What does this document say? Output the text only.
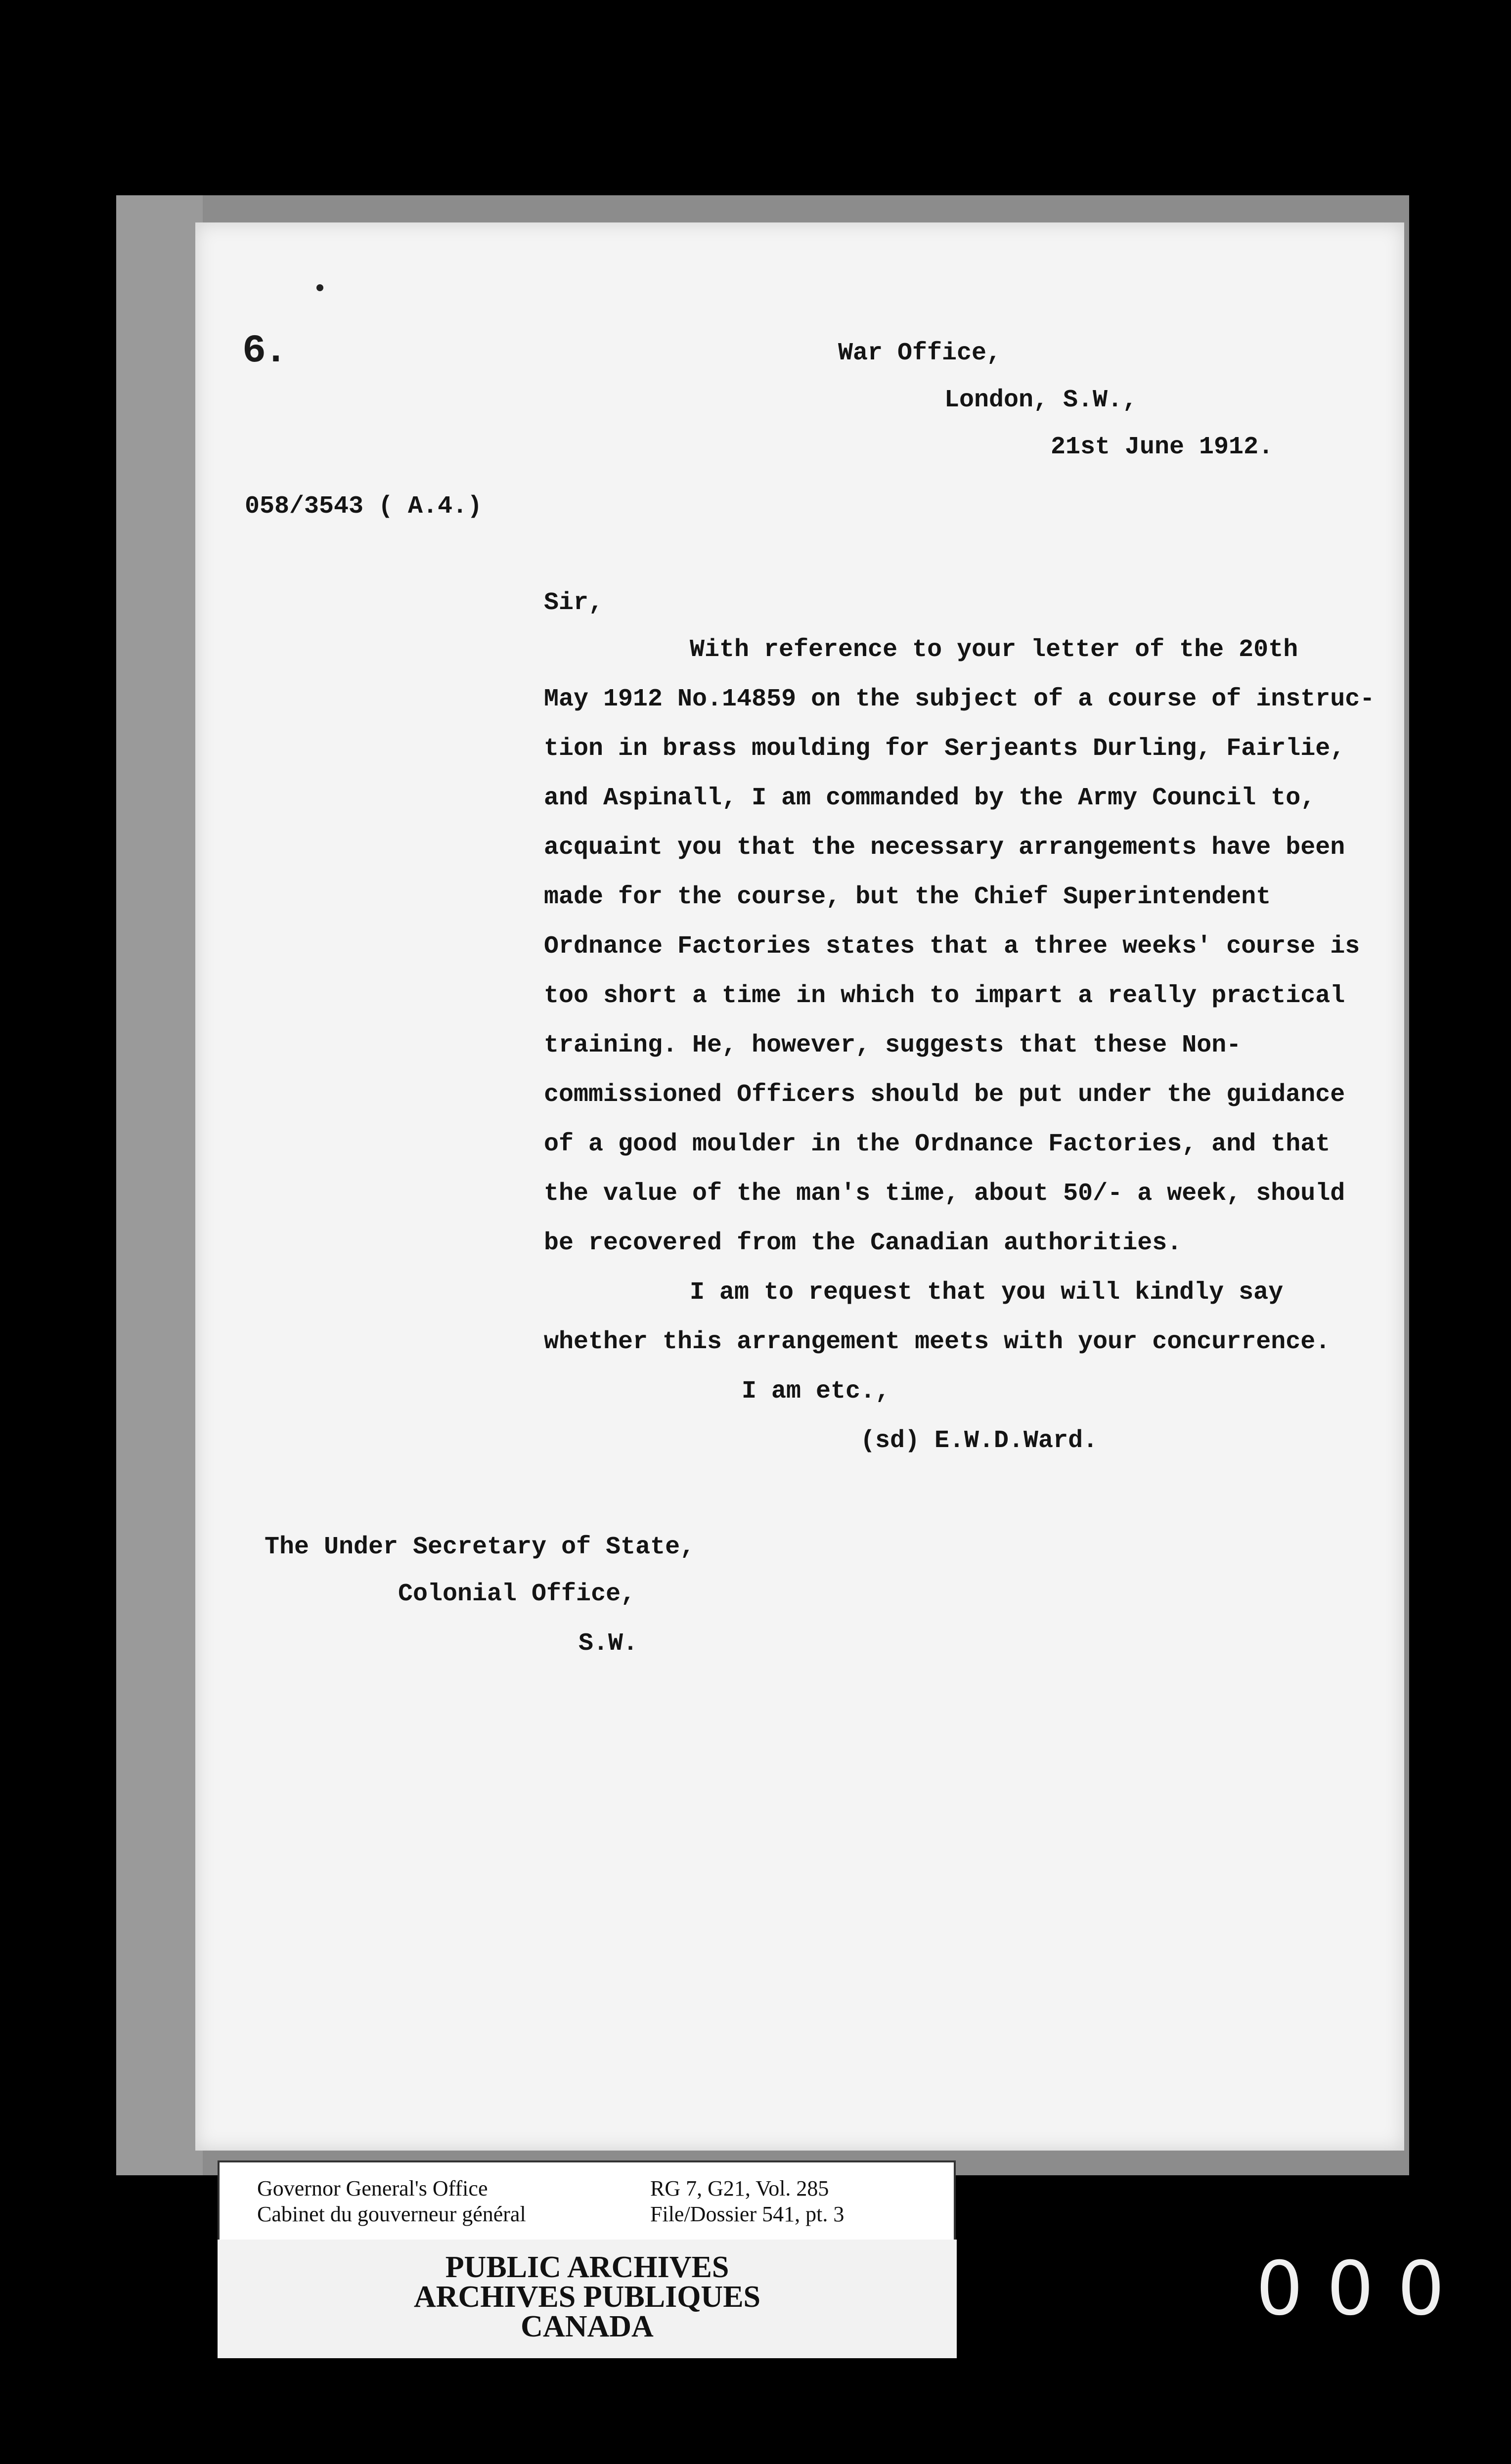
6.	War Office,
London, S.W.,
21st June 1912.
058/3543 ( A.4.)
Sir,
With reference to your letter of the 20th
May 1912 No.14859 on the subject of a course of instruc-
tion in brass moulding for Serjeants Durling, Fairlie,
and Aspinall, I am commanded by the Army Council to,
acquaint you that the necessary arrangements have been
made for the course, but the Chief Superintendent
Ordnance Factories states that a three weeks' course is
too short a time in which to impart a really practical
training. He, however, suggests that these Non-
commissioned Officers should be put under the guidance
of a good moulder in the Ordnance Factories, and that
the value of the man's time, about 50/- a week, should
be recovered from the Canadian authorities.
I am to request that you will kindly say
whether this arrangement meets with your concurrence.
I am etc.,
(sd) E.W.D.Ward.
The Under Secretary of State,
Colonial Office,
S.W.
Governor General's Office
Cabinet du gouverneur général
RG 7, G21, Vol. 285
File/Dossier 541, pt. 3
PUBLIC ARCHIVES
ARCHIVES PUBLIQUES
CANADA	0 0 0
